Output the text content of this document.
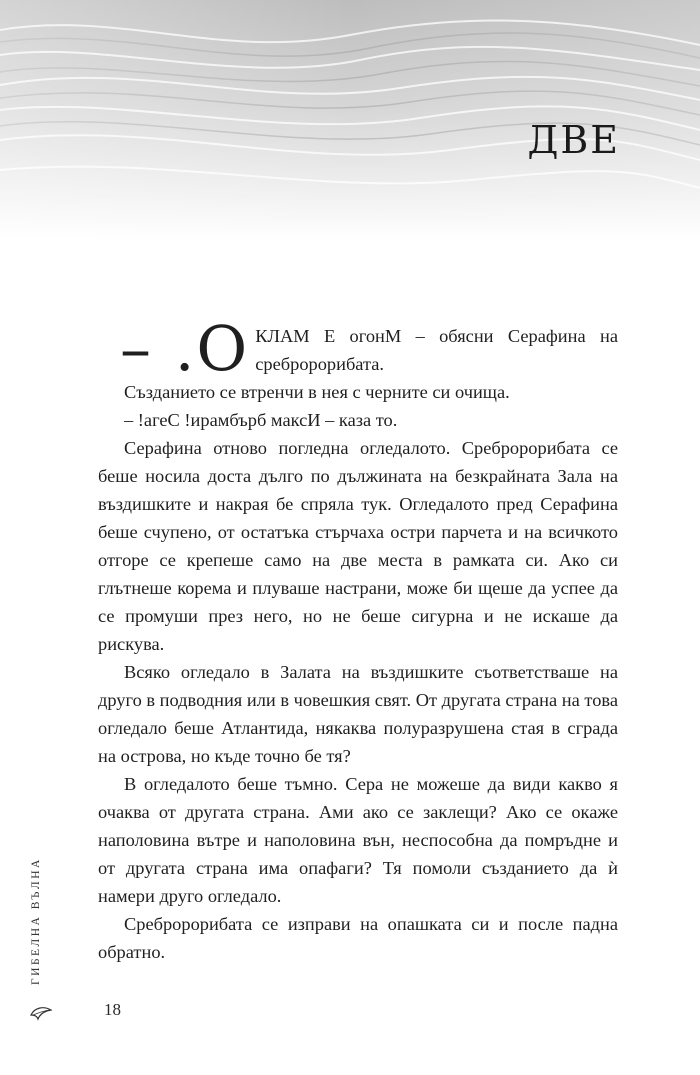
ДВЕ

– .О КЛАМ Е огонМ – обясни Серафина на сребророрибата.

Създанието се втренчи в нея с черните си очища.

– !агеС !ирамбърб максИ – каза то.

Серафина отново погледна огледалото. Сребророрибата се беше носила доста дълго по дължината на безкрайната Зала на въздишките и накрая бе спряла тук. Огледалото пред Серафина беше счупено, от остатъка стърчаха остри парчета и на всичкото отгоре се крепеше само на две места в рамката си. Ако си глътнеше корема и плуваше настрани, може би щеше да успее да се промуши през него, но не беше сигурна и не искаше да рискува.

Всяко огледало в Залата на въздишките съответстваше на друго в подводния или в човешкия свят. От другата страна на това огледало беше Атлантида, някаква полуразрушена стая в сграда на острова, но къде точно бе тя?

В огледалото беше тъмно. Сера не можеше да види какво я очаква от другата страна. Ами ако се заклещи? Ако се окаже наполовина вътре и наполовина вън, неспособна да помръдне и от другата страна има опафаги? Тя помоли създанието да ѝ намери друго огледало.

Сребророрибата се изправи на опашката си и после падна обратно.

ГИБЕЛНА ВЪЛНА
18
